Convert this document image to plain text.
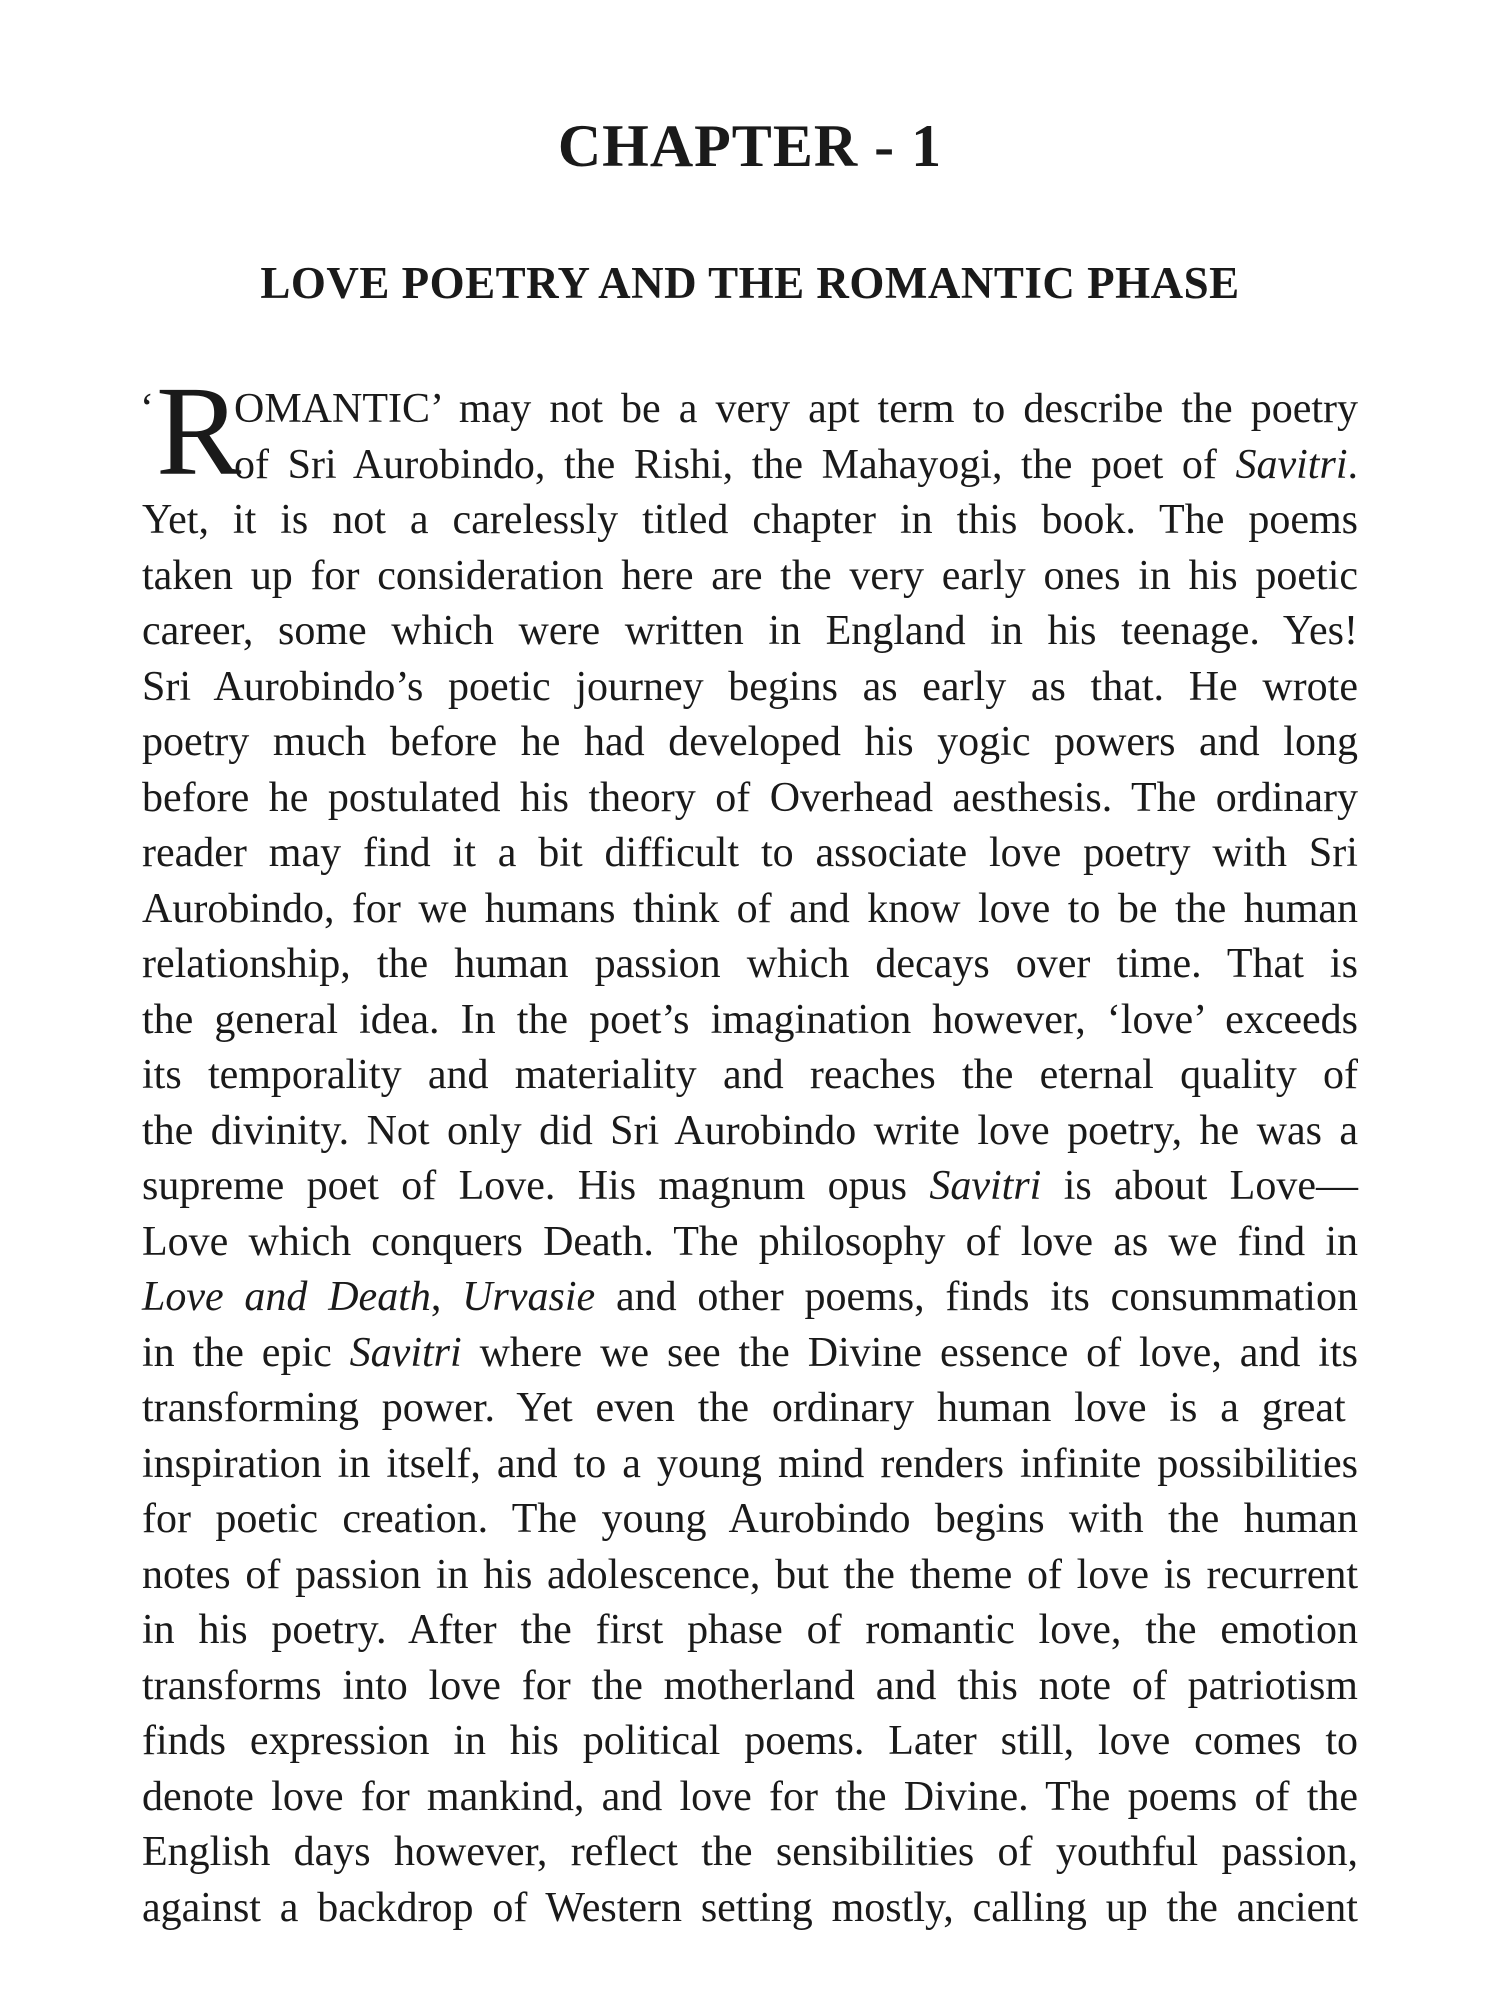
CHAPTER - 1
LOVE POETRY AND THE ROMANTIC PHASE
‘ R
OMANTIC’ may not be a very apt term to describe the poetry
of Sri Aurobindo, the Rishi, the Mahayogi, the poet of Savitri.
Yet, it is not a carelessly titled chapter in this book. The poems
taken up for consideration here are the very early ones in his poetic
career, some which were written in England in his teenage. Yes!
Sri Aurobindo’s poetic journey begins as early as that. He wrote
poetry much before he had developed his yogic powers and long
before he postulated his theory of Overhead aesthesis. The ordinary
reader may find it a bit difficult to associate love poetry with Sri
Aurobindo, for we humans think of and know love to be the human
relationship, the human passion which decays over time. That is
the general idea. In the poet’s imagination however, ‘love’ exceeds
its temporality and materiality and reaches the eternal quality of
the divinity. Not only did Sri Aurobindo write love poetry, he was a
supreme poet of Love. His magnum opus Savitri is about Love—
Love which conquers Death. The philosophy of love as we find in
Love and Death, Urvasie and other poems, finds its consummation
in the epic Savitri where we see the Divine essence of love, and its
transforming power. Yet even the ordinary human love is a great
inspiration in itself, and to a young mind renders infinite possibilities
for poetic creation. The young Aurobindo begins with the human
notes of passion in his adolescence, but the theme of love is recurrent
in his poetry. After the first phase of romantic love, the emotion
transforms into love for the motherland and this note of patriotism
finds expression in his political poems. Later still, love comes to
denote love for mankind, and love for the Divine. The poems of the
English days however, reflect the sensibilities of youthful passion,
against a backdrop of Western setting mostly, calling up the ancient
